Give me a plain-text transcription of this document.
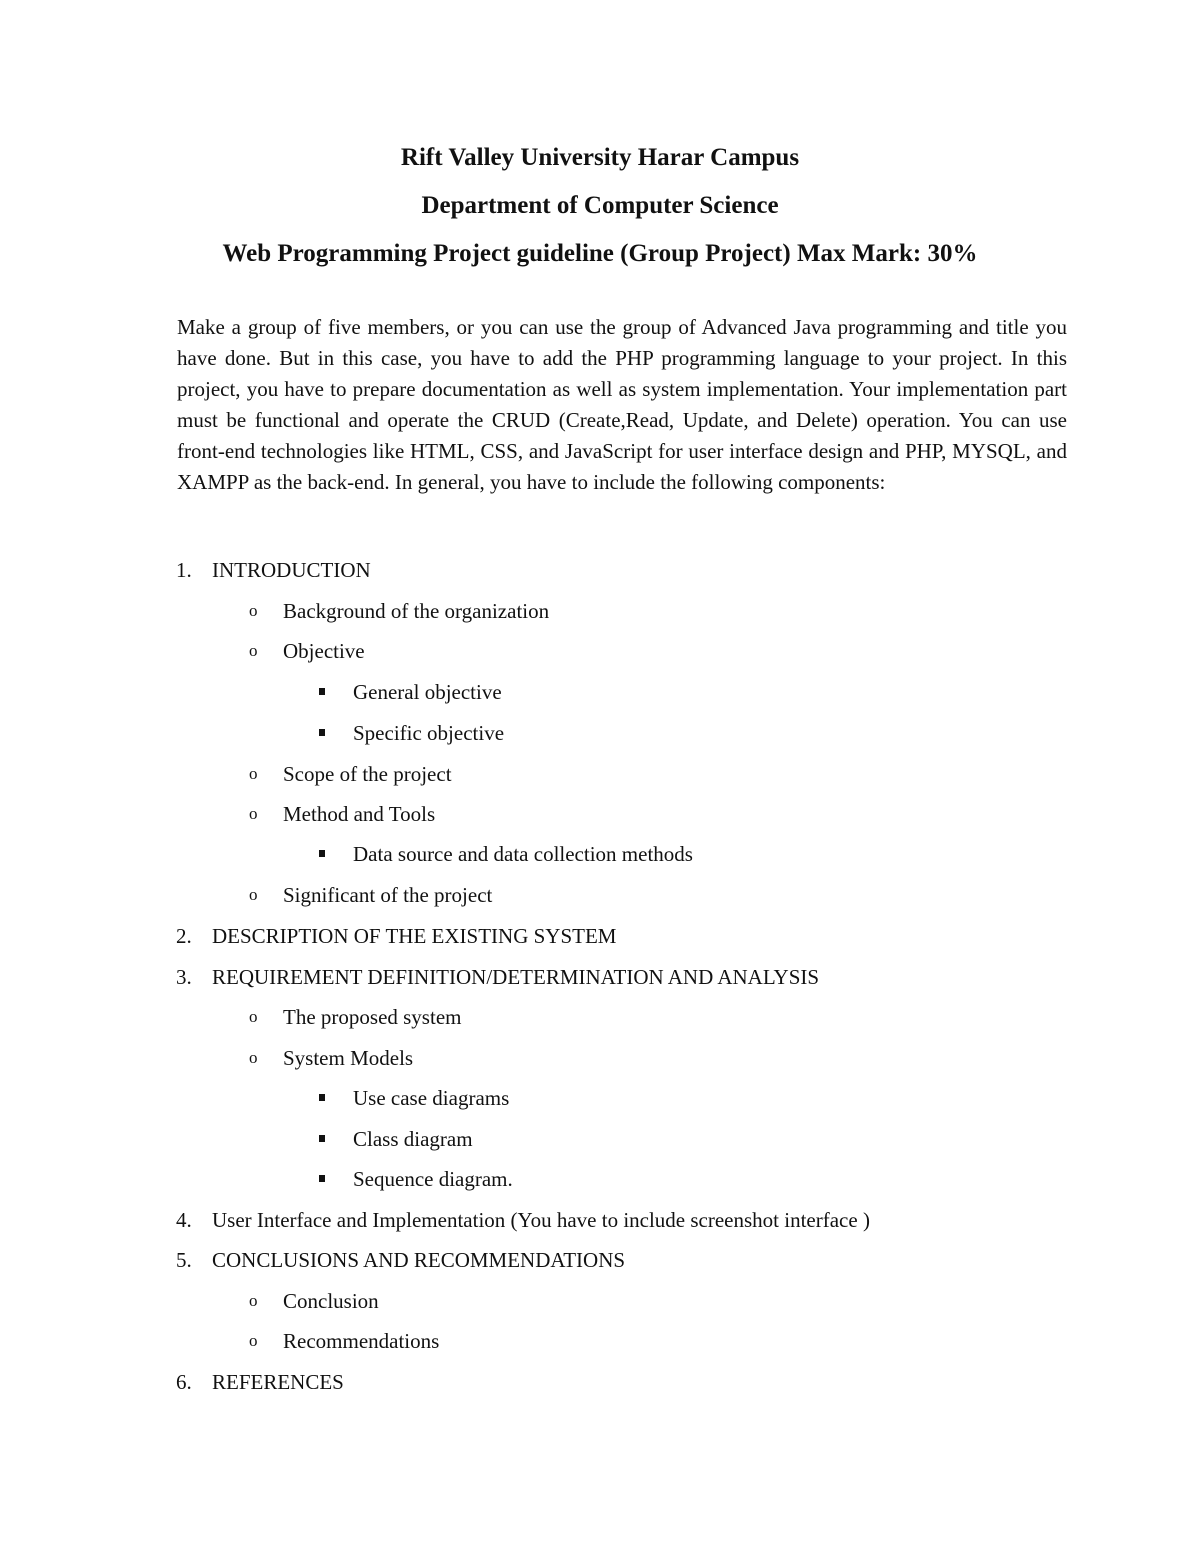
Rift Valley University Harar Campus
Department of Computer Science
Web Programming Project guideline (Group Project) Max Mark: 30%

Make a group of five members, or you can use the group of Advanced Java programming and title you have done. But in this case, you have to add the PHP programming language to your project. In this project, you have to prepare documentation as well as system implementation. Your implementation part must be functional and operate the CRUD (Create,Read, Update, and Delete) operation. You can use front-end technologies like HTML, CSS, and JavaScript for user interface design and PHP, MYSQL, and XAMPP as the back-end. In general, you have to include the following components:

1. INTRODUCTION
o Background of the organization
o Objective
General objective
Specific objective
o Scope of the project
o Method and Tools
Data source and data collection methods
o Significant of the project
2. DESCRIPTION OF THE EXISTING SYSTEM
3. REQUIREMENT DEFINITION/DETERMINATION AND ANALYSIS
o The proposed system
o System Models
Use case diagrams
Class diagram
Sequence diagram.
4. User Interface and Implementation (You have to include screenshot interface )
5. CONCLUSIONS AND RECOMMENDATIONS
o Conclusion
o Recommendations
6. REFERENCES
